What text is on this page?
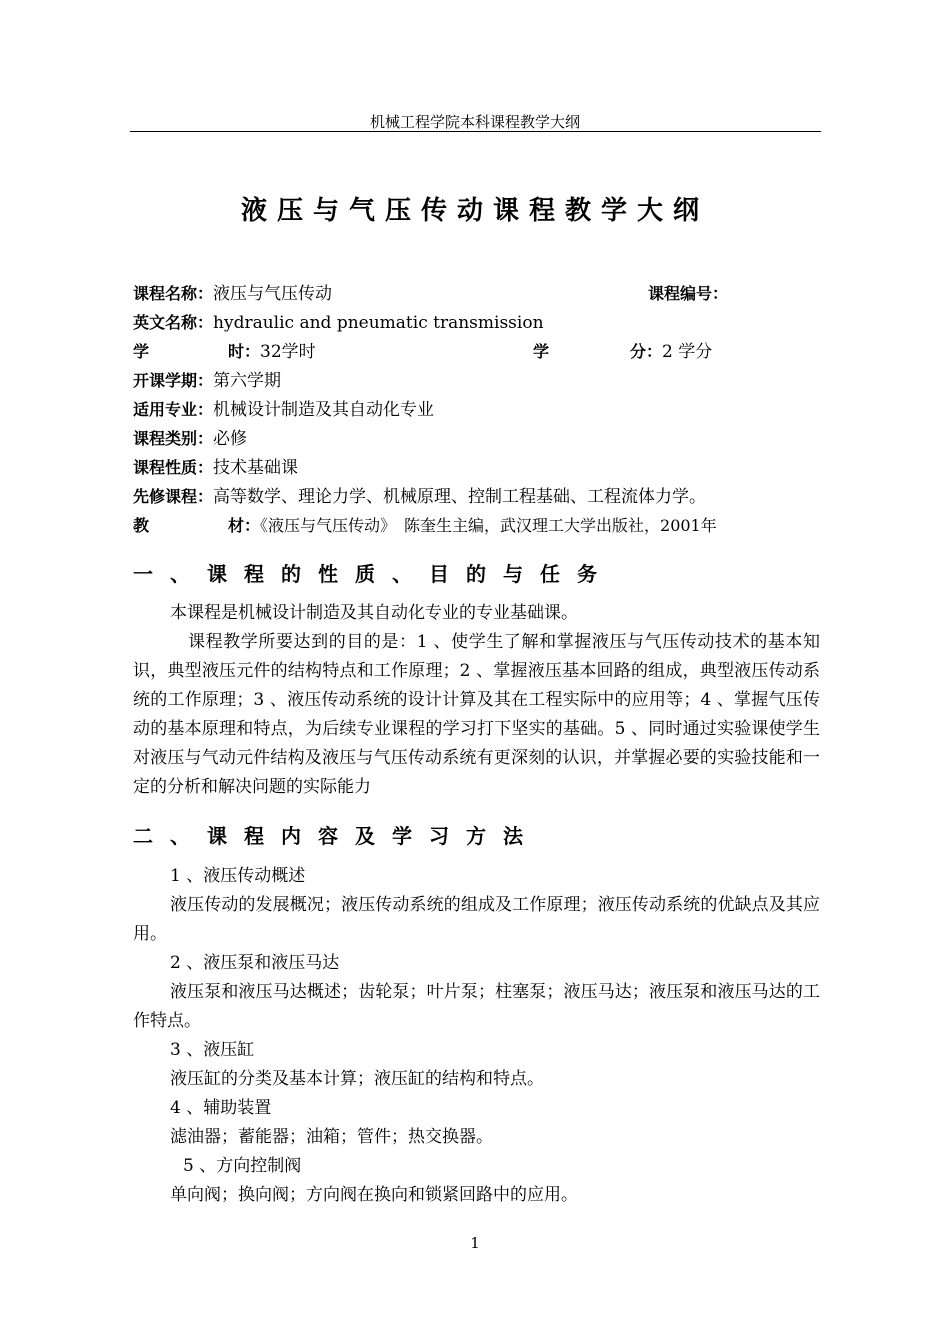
机械工程学院本科课程教学大纲
液压与气压传动课程教学大纲
课程名称：液压与气压传动	课程编号：
英文名称：hydraulic and pneumatic transmission
学	时：32学时	学	分：2 学分
开课学期：第六学期
适用专业：机械设计制造及其自动化专业
课程类别：必修
课程性质：技术基础课
先修课程：高等数学、理论力学、机械原理、控制工程基础、工程流体力学。
教	材：《液压与气压传动》　陈奎生主编，武汉理工大学出版社，2001年
一、课程的性质、目的与任务
本课程是机械设计制造及其自动化专业的专业基础课。
课程教学所要达到的目的是：1 、使学生了解和掌握液压与气压传动技术的基本知识，典型液压元件的结构特点和工作原理；2 、掌握液压基本回路的组成，典型液压传动系统的工作原理；3 、液压传动系统的设计计算及其在工程实际中的应用等；4 、掌握气压传动的基本原理和特点，为后续专业课程的学习打下坚实的基础。5 、同时通过实验课使学生对液压与气动元件结构及液压与气压传动系统有更深刻的认识，并掌握必要的实验技能和一定的分析和解决问题的实际能力
二、课程内容及学习方法
1 、液压传动概述
液压传动的发展概况；液压传动系统的组成及工作原理；液压传动系统的优缺点及其应用。
2 、液压泵和液压马达
液压泵和液压马达概述；齿轮泵；叶片泵；柱塞泵；液压马达；液压泵和液压马达的工作特点。
3 、液压缸
液压缸的分类及基本计算；液压缸的结构和特点。
4 、辅助装置
滤油器；蓄能器；油箱；管件；热交换器。
5 、方向控制阀
单向阀；换向阀；方向阀在换向和锁紧回路中的应用。
1
